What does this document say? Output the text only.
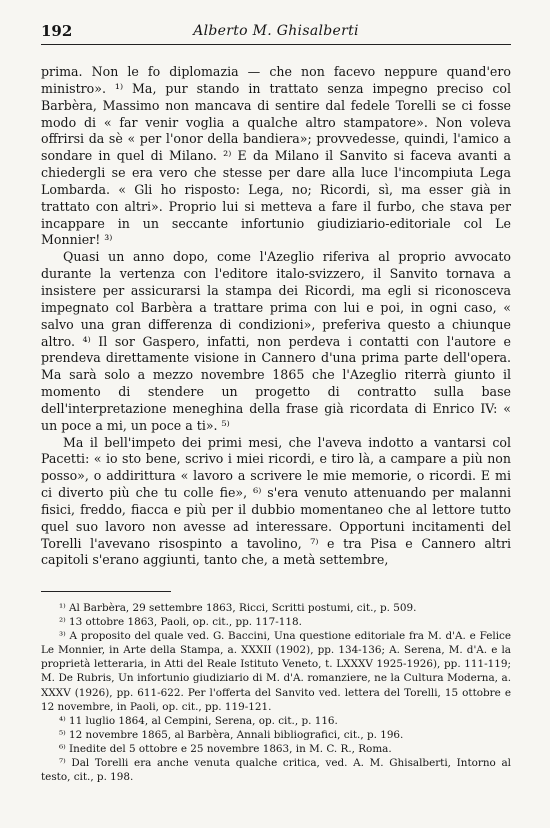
192	Alberto M. Ghisalberti

prima. Non le fo diplomazia — che non facevo neppure quand'ero ministro». ¹⁾ Ma, pur stando in trattato senza impegno preciso col Barbèra, Massimo non mancava di sentire dal fedele Torelli se ci fosse modo di « far venir voglia a qualche altro stampatore». Non voleva offrirsi da sè « per l'onor della bandiera»; provvedesse, quindi, l'amico a sondare in quel di Milano. ²⁾ E da Milano il Sanvito si faceva avanti a chiedergli se era vero che stesse per dare alla luce l'incompiuta Lega Lombarda. « Gli ho risposto: Lega, no; Ricordi, sì, ma esser già in trattato con altri». Proprio lui si metteva a fare il furbo, che stava per incappare in un seccante infortunio giudiziario-editoriale col Le Monnier! ³⁾

Quasi un anno dopo, come l'Azeglio riferiva al proprio avvocato durante la vertenza con l'editore italo-svizzero, il Sanvito tornava a insistere per assicurarsi la stampa dei Ricordi, ma egli si riconosceva impegnato col Barbèra a trattare prima con lui e poi, in ogni caso, « salvo una gran differenza di condizioni», preferiva questo a chiunque altro. ⁴⁾ Il sor Gaspero, infatti, non perdeva i contatti con l'autore e prendeva direttamente visione in Cannero d'una prima parte dell'opera. Ma sarà solo a mezzo novembre 1865 che l'Azeglio riterrà giunto il momento di stendere un progetto di contratto sulla base dell'interpretazione meneghina della frase già ricordata di Enrico IV: « un poce a mi, un poce a ti». ⁵⁾

Ma il bell'impeto dei primi mesi, che l'aveva indotto a vantarsi col Pacetti: « io sto bene, scrivo i miei ricordi, e tiro là, a campare a più non posso», o addirittura « lavoro a scrivere le mie memorie, o ricordi. E mi ci diverto più che tu colle fie», ⁶⁾ s'era venuto attenuando per malanni fisici, freddo, fiacca e più per il dubbio momentaneo che al lettore tutto quel suo lavoro non avesse ad interessare. Opportuni incitamenti del Torelli l'avevano risospinto a tavolino, ⁷⁾ e tra Pisa e Cannero altri capitoli s'erano aggiunti, tanto che, a metà settembre,

¹⁾ Al Barbèra, 29 settembre 1863, Ricci, Scritti postumi, cit., p. 509.

²⁾ 13 ottobre 1863, Paoli, op. cit., pp. 117-118.

³⁾ A proposito del quale ved. G. Baccini, Una questione editoriale fra M. d'A. e Felice Le Monnier, in Arte della Stampa, a. XXXII (1902), pp. 134-136; A. Serena, M. d'A. e la proprietà letteraria, in Atti del Reale Istituto Veneto, t. LXXXV 1925-1926), pp. 111-119; M. De Rubris, Un infortunio giudiziario di M. d'A. romanziere, ne la Cultura Moderna, a. XXXV (1926), pp. 611-622. Per l'offerta del Sanvito ved. lettera del Torelli, 15 ottobre e 12 novembre, in Paoli, op. cit., pp. 119-121.

⁴⁾ 11 luglio 1864, al Cempini, Serena, op. cit., p. 116.

⁵⁾ 12 novembre 1865, al Barbèra, Annali bibliografici, cit., p. 196.

⁶⁾ Inedite del 5 ottobre e 25 novembre 1863, in M. C. R., Roma.

⁷⁾ Dal Torelli era anche venuta qualche critica, ved. A. M. Ghisalberti, Intorno al testo, cit., p. 198.
